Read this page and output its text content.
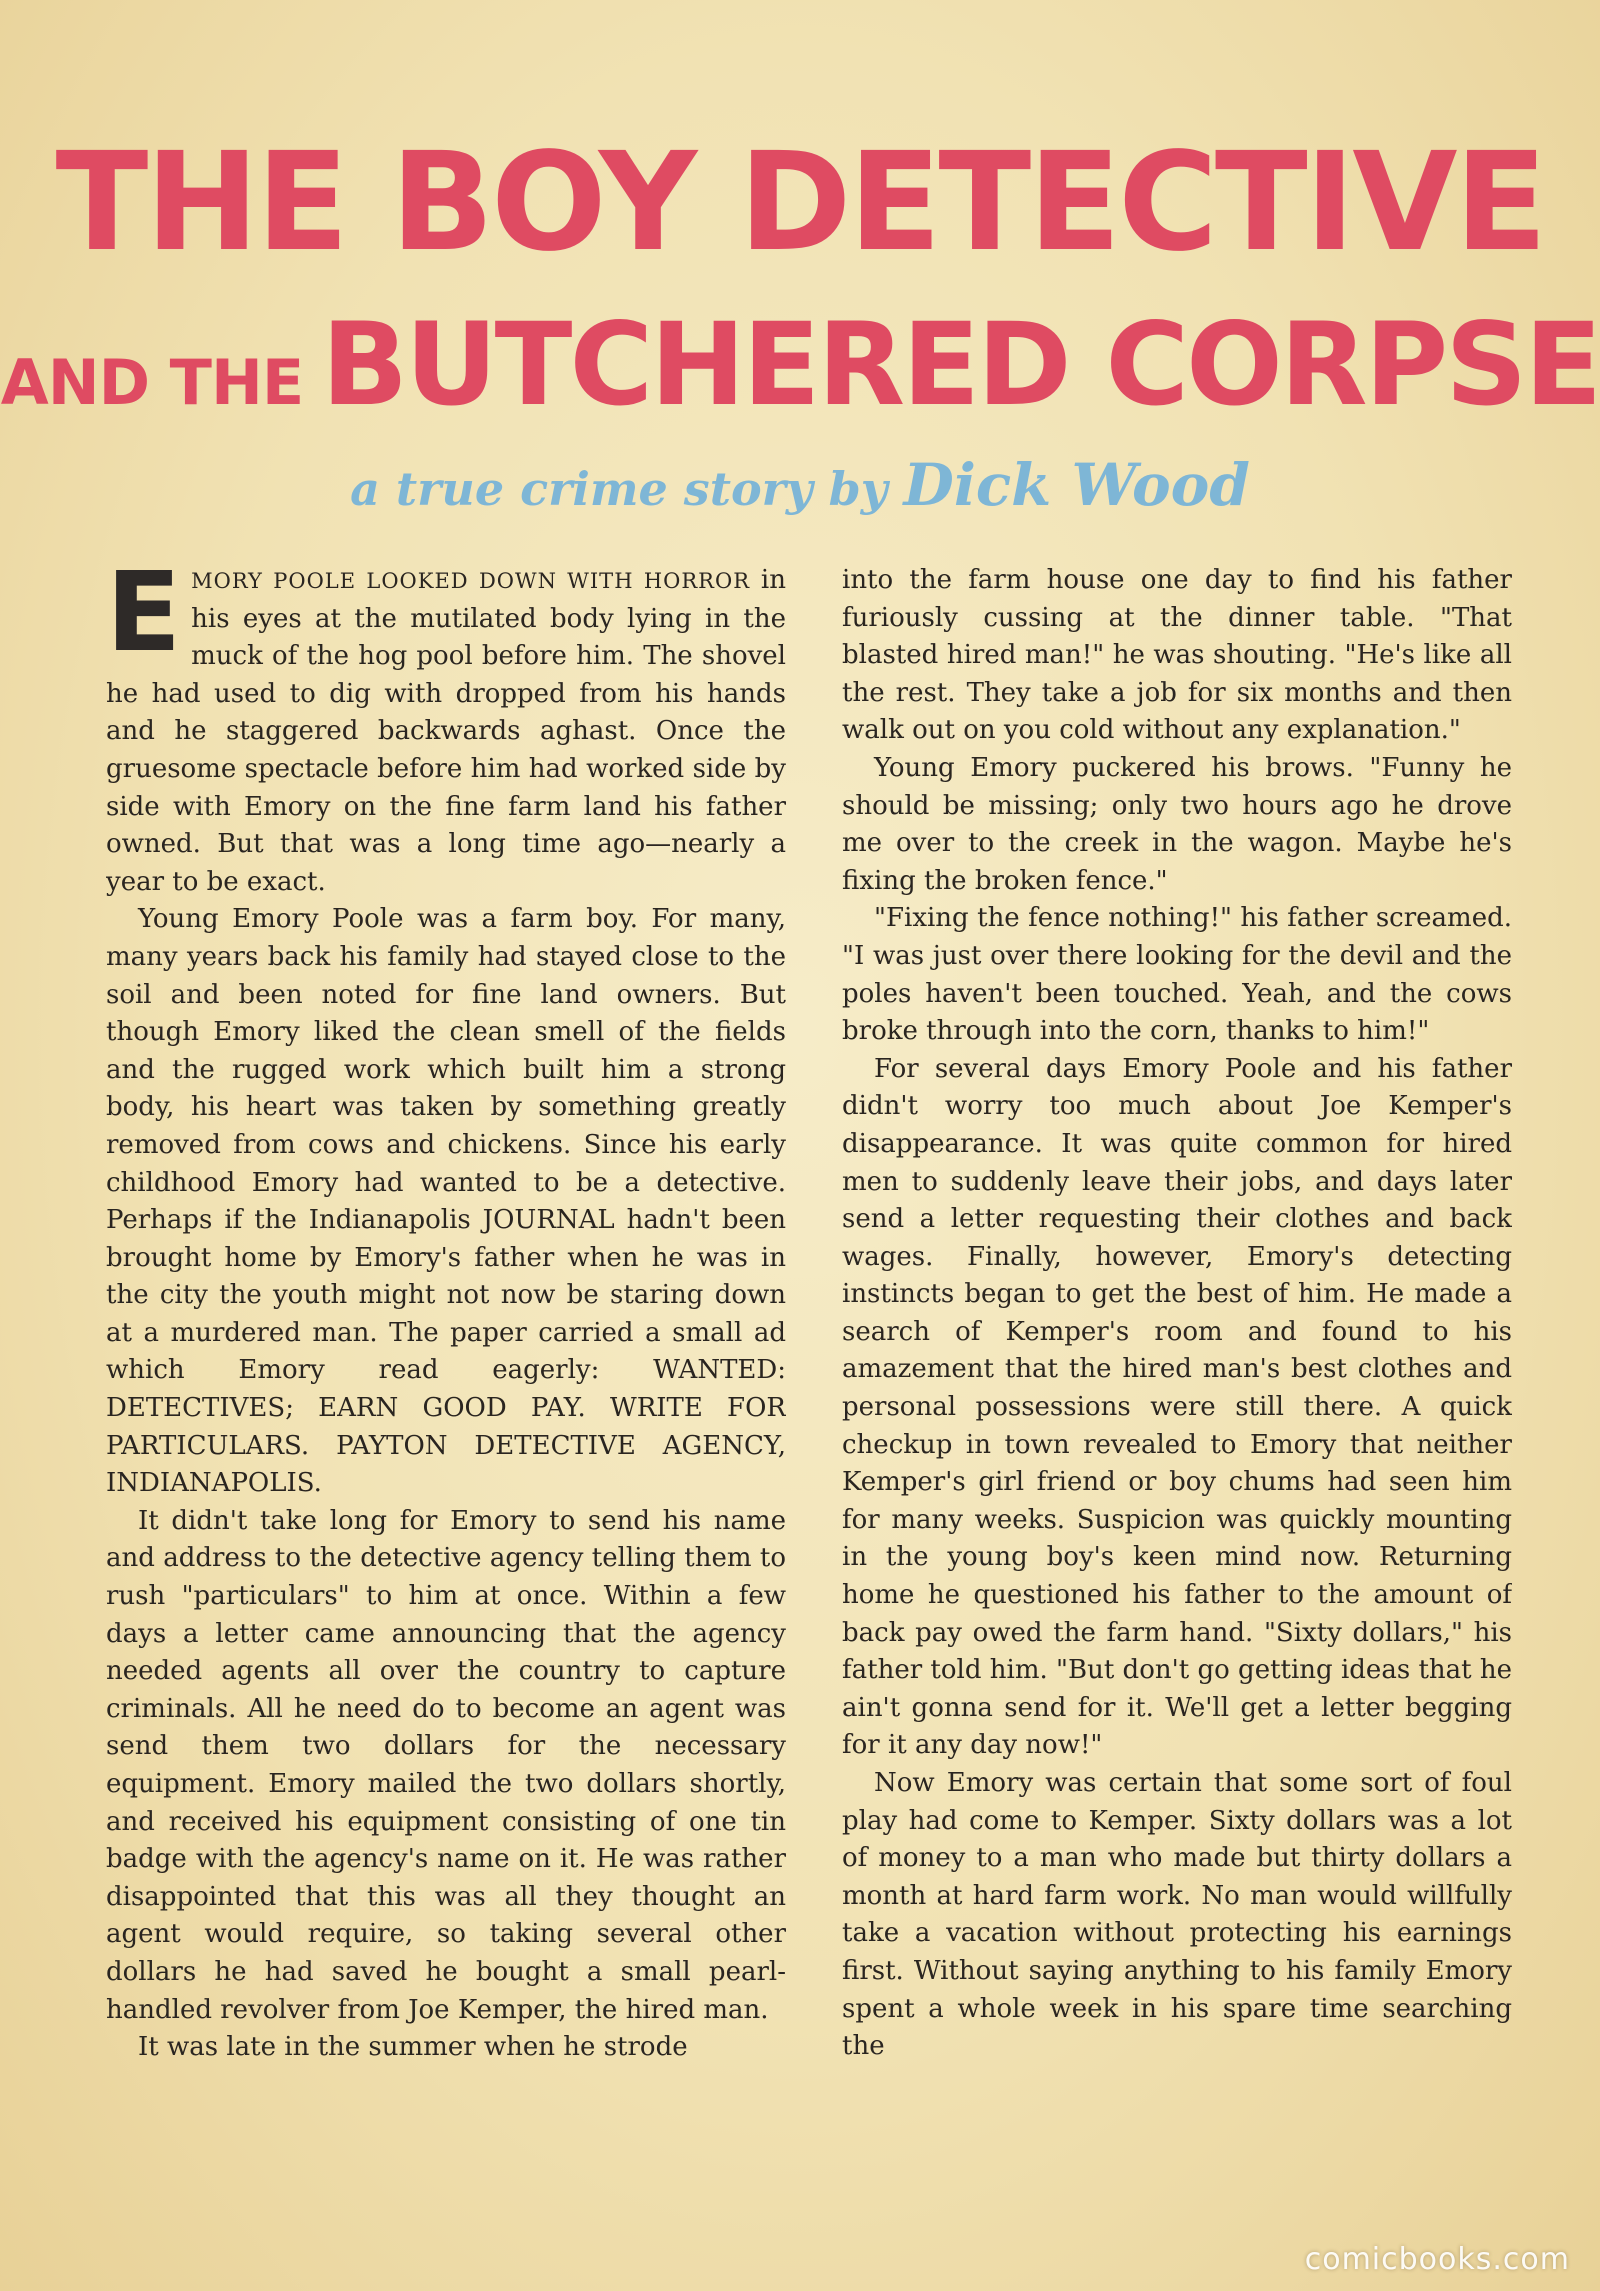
THE BOY DETECTIVE
AND THE BUTCHERED CORPSE
a true crime story by Dick Wood

EMORY POOLE LOOKED DOWN WITH HORROR in his eyes at the mutilated body lying in the muck of the hog pool before him. The shovel he had used to dig with dropped from his hands and he staggered backwards aghast. Once the gruesome spectacle before him had worked side by side with Emory on the fine farm land his father owned. But that was a long time ago—nearly a year to be exact.

Young Emory Poole was a farm boy. For many, many years back his family had stayed close to the soil and been noted for fine land owners. But though Emory liked the clean smell of the fields and the rugged work which built him a strong body, his heart was taken by something greatly removed from cows and chickens. Since his early childhood Emory had wanted to be a detective. Perhaps if the Indianapolis JOURNAL hadn't been brought home by Emory's father when he was in the city the youth might not now be staring down at a murdered man. The paper carried a small ad which Emory read eagerly: WANTED: DETECTIVES; EARN GOOD PAY. WRITE FOR PARTICULARS. PAYTON DETECTIVE AGENCY, INDIANAPOLIS.

It didn't take long for Emory to send his name and address to the detective agency telling them to rush "particulars" to him at once. Within a few days a letter came announcing that the agency needed agents all over the country to capture criminals. All he need do to become an agent was send them two dollars for the necessary equipment. Emory mailed the two dollars shortly, and received his equipment consisting of one tin badge with the agency's name on it. He was rather disappointed that this was all they thought an agent would require, so taking several other dollars he had saved he bought a small pearl-handled revolver from Joe Kemper, the hired man.

It was late in the summer when he strode

into the farm house one day to find his father furiously cussing at the dinner table. "That blasted hired man!" he was shouting. "He's like all the rest. They take a job for six months and then walk out on you cold without any explanation."

Young Emory puckered his brows. "Funny he should be missing; only two hours ago he drove me over to the creek in the wagon. Maybe he's fixing the broken fence."

"Fixing the fence nothing!" his father screamed. "I was just over there looking for the devil and the poles haven't been touched. Yeah, and the cows broke through into the corn, thanks to him!"

For several days Emory Poole and his father didn't worry too much about Joe Kemper's disappearance. It was quite common for hired men to suddenly leave their jobs, and days later send a letter requesting their clothes and back wages. Finally, however, Emory's detecting instincts began to get the best of him. He made a search of Kemper's room and found to his amazement that the hired man's best clothes and personal possessions were still there. A quick checkup in town revealed to Emory that neither Kemper's girl friend or boy chums had seen him for many weeks. Suspicion was quickly mounting in the young boy's keen mind now. Returning home he questioned his father to the amount of back pay owed the farm hand. "Sixty dollars," his father told him. "But don't go getting ideas that he ain't gonna send for it. We'll get a letter begging for it any day now!"

Now Emory was certain that some sort of foul play had come to Kemper. Sixty dollars was a lot of money to a man who made but thirty dollars a month at hard farm work. No man would willfully take a vacation without protecting his earnings first. Without saying anything to his family Emory spent a whole week in his spare time searching the

comicbooks.com
